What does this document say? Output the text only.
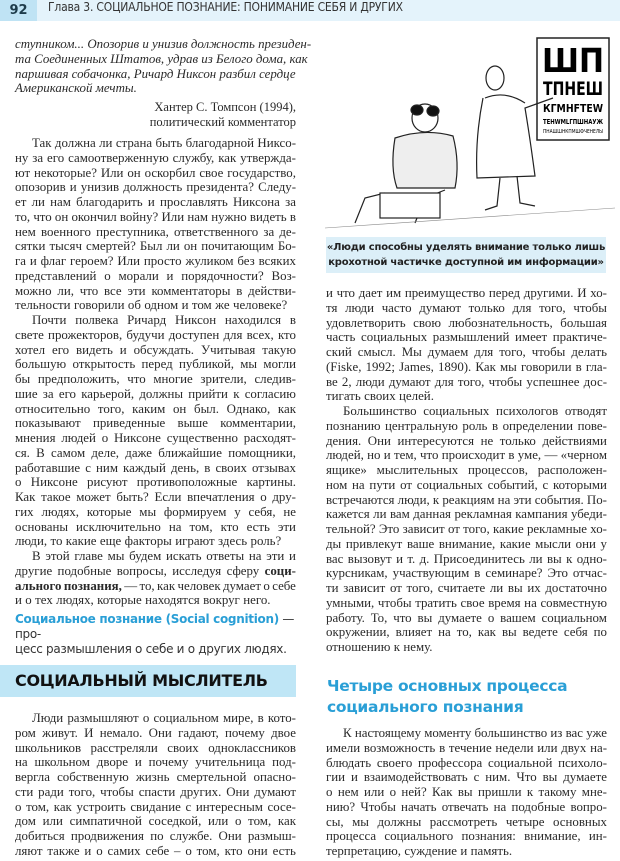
92	Глава 3. СОЦИАЛЬНОЕ ПОЗНАНИЕ: ПОНИМАНИЕ СЕБЯ И ДРУГИХ
ступником... Опозорив и унизив должность президен-
та Соединенных Штатов, удрав из Белого дома, как
паршивая собачонка, Ричард Никсон разбил сердце
Американской мечты.
Хантер С. Томпсон (1994),
политический комментатор
Так должна ли страна быть благодарной Никсо-
ну за его самоотверженную службу, как утвержда-
ют некоторые? Или он оскорбил свое государство,
опозорив и унизив должность президента? Следу-
ет ли нам благодарить и прославлять Никсона за
то, что он окончил войну? Или нам нужно видеть в
нем военного преступника, ответственного за де-
сятки тысяч смертей? Был ли он почитающим Бо-
га и флаг героем? Или просто жуликом без всяких
представлений о морали и порядочности? Воз-
можно ли, что все эти комментаторы в действи-
тельности говорили об одном и том же человеке?
Почти полвека Ричард Никсон находился в
свете прожекторов, будучи доступен для всех, кто
хотел его видеть и обсуждать. Учитывая такую
большую открытость перед публикой, мы могли
бы предположить, что многие зрители, следив-
шие за его карьерой, должны прийти к согласию
относительно того, каким он был. Однако, как
показывают приведенные выше комментарии,
мнения людей о Никсоне существенно расходят-
ся. В самом деле, даже ближайшие помощники,
работавшие с ним каждый день, в своих отзывах
о Никсоне рисуют противоположные картины.
Как такое может быть? Если впечатления о дру-
гих людях, которые мы формируем у себя, не
основаны исключительно на том, кто есть эти
люди, то какие еще факторы играют здесь роль?
В этой главе мы будем искать ответы на эти и
другие подобные вопросы, исследуя сферу соци-
ального познания, — то, как человек думает о себе
и о тех людях, которые находятся вокруг него.
Социальное познание (Social cognition) — про-
цесс размышления о себе и о других людях.
СОЦИАЛЬНЫЙ МЫСЛИТЕЛЬ
Люди размышляют о социальном мире, в кото-
ром живут. И немало. Они гадают, почему двое
школьников расстреляли своих одноклассников
на школьном дворе и почему учительница под-
вергла собственную жизнь смертельной опасно-
сти ради того, чтобы спасти других. Они думают
о том, как устроить свидание с интересным сосе-
дом или симпатичной соседкой, или о том, как
добиться продвижения по службе. Они размыш-
ляют также и о самих себе – о том, кто они есть
ШП
ТПНЕШ
КГМНFTEW
TEНWMLГПШНАУЖ
ПНАШШНКПМШФЧЕНЕЛЫ
«Люди способны уделять внимание только лишь
крохотной частичке доступной им информации»
и что дает им преимущество перед другими. И хо-
тя люди часто думают только для того, чтобы
удовлетворить свою любознательность, большая
часть социальных размышлений имеет практиче-
ский смысл. Мы думаем для того, чтобы делать
(Fiske, 1992; James, 1890). Как мы говорили в гла-
ве 2, люди думают для того, чтобы успешнее дос-
тигать своих целей.
Большинство социальных психологов отводят
познанию центральную роль в определении пове-
дения. Они интересуются не только действиями
людей, но и тем, что происходит в уме, — «черном
ящике» мыслительных процессов, расположен-
ном на пути от социальных событий, с которыми
встречаются люди, к реакциям на эти события. По-
кажется ли вам данная рекламная кампания убеди-
тельной? Это зависит от того, какие рекламные хо-
ды привлекут ваше внимание, какие мысли они у
вас вызовут и т. д. Присоединитесь ли вы к одно-
курсникам, участвующим в семинаре? Это отчас-
ти зависит от того, считаете ли вы их достаточно
умными, чтобы тратить свое время на совместную
работу. То, что вы думаете о вашем социальном
окружении, влияет на то, как вы ведете себя по
отношению к нему.
Четыре основных процесса
социального познания
К настоящему моменту большинство из вас уже
имели возможность в течение недели или двух на-
блюдать своего профессора социальной психоло-
гии и взаимодействовать с ним. Что вы думаете
о нем или о ней? Как вы пришли к такому мне-
нию? Чтобы начать отвечать на подобные вопро-
сы, мы должны рассмотреть четыре основных
процесса социального познания: внимание, ин-
терпретацию, суждение и память.
